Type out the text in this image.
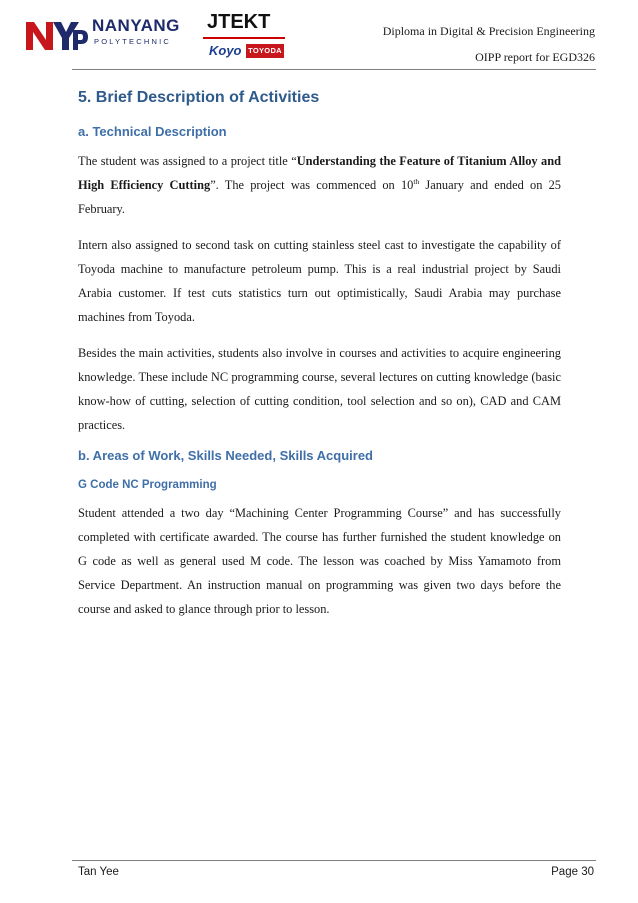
NANYANG
POLYTECHNIC
JTEKT
Koyo TOYODA
Diploma in Digital & Precision Engineering
OIPP report for EGD326
5. Brief Description of Activities
a. Technical Description

The student was assigned to a project title “Understanding the Feature of Titanium Alloy and High Efficiency Cutting”. The project was commenced on 10th January and ended on 25 February.

Intern also assigned to second task on cutting stainless steel cast to investigate the capability of Toyoda machine to manufacture petroleum pump. This is a real industrial project by Saudi Arabia customer. If test cuts statistics turn out optimistically, Saudi Arabia may purchase machines from Toyoda.

Besides the main activities, students also involve in courses and activities to acquire engineering knowledge. These include NC programming course, several lectures on cutting knowledge (basic know-how of cutting, selection of cutting condition, tool selection and so on), CAD and CAM practices.

b. Areas of Work, Skills Needed, Skills Acquired
G Code NC Programming

Student attended a two day “Machining Center Programming Course” and has successfully completed with certificate awarded. The course has further furnished the student knowledge on G code as well as general used M code. The lesson was coached by Miss Yamamoto from Service Department. An instruction manual on programming was given two days before the course and asked to glance through prior to lesson.

Tan Yee	Page 30
